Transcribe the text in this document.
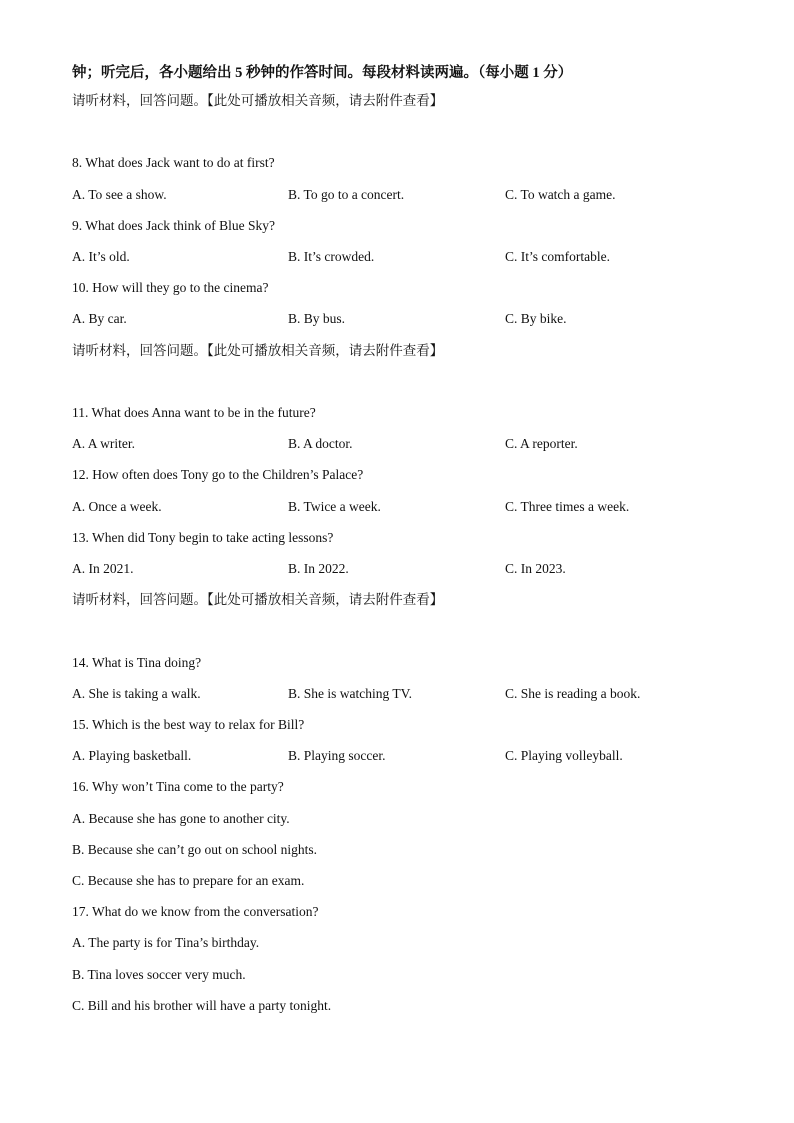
钟；听完后，各小题给出 5 秒钟的作答时间。每段材料读两遍。（每小题 1 分）
请听材料，回答问题。【此处可播放相关音频，请去附件查看】
8. What does Jack want to do at first?
A. To see a show.	B. To go to a concert.	C. To watch a game.
9. What does Jack think of Blue Sky?
A. It’s old.	B. It’s crowded.	C. It’s comfortable.
10. How will they go to the cinema?
A. By car.	B. By bus.	C. By bike.
请听材料，回答问题。【此处可播放相关音频，请去附件查看】
11. What does Anna want to be in the future?
A. A writer.	B. A doctor.	C. A reporter.
12. How often does Tony go to the Children’s Palace?
A. Once a week.	B. Twice a week.	C. Three times a week.
13. When did Tony begin to take acting lessons?
A. In 2021.	B. In 2022.	C. In 2023.
请听材料，回答问题。【此处可播放相关音频，请去附件查看】
14. What is Tina doing?
A. She is taking a walk.	B. She is watching TV.	C. She is reading a book.
15. Which is the best way to relax for Bill?
A. Playing basketball.	B. Playing soccer.	C. Playing volleyball.
16. Why won’t Tina come to the party?
A. Because she has gone to another city.
B. Because she can’t go out on school nights.
C. Because she has to prepare for an exam.
17. What do we know from the conversation?
A. The party is for Tina’s birthday.
B. Tina loves soccer very much.
C. Bill and his brother will have a party tonight.
